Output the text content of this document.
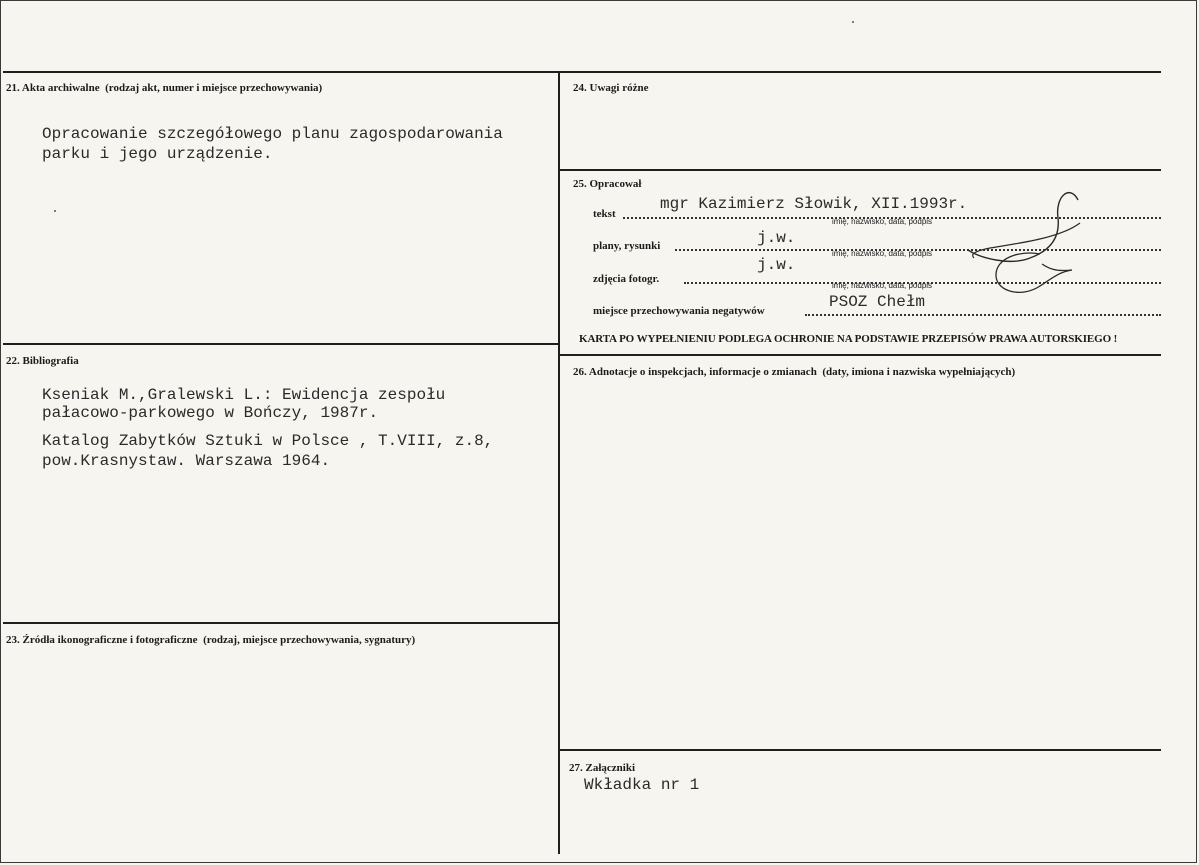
21. Akta archiwalne (rodzaj akt, numer i miejsce przechowywania)
Opracowanie szczegółowego planu zagospodarowania
parku i jego urządzenie.
22. Bibliografia
Kseniak M.,Gralewski L.: Ewidencja zespołu
pałacowo-parkowego w Bończy, 1987r.
Katalog Zabytków Sztuki w Polsce , T.VIII, z.8,
pow.Krasnystaw. Warszawa 1964.
23. Źródła ikonograficzne i fotograficzne (rodzaj, miejsce przechowywania, sygnatury)
24. Uwagi różne
25. Opracował
tekst
mgr Kazimierz Słowik, XII.1993r.
imię, nazwisko, data, podpis
plany, rysunki	j.w.
imię, nazwisko, data, podpis
zdjęcia fotogr.
j.w.
imię, nazwisko, data, podpis
miejsce przechowywania negatywów	PSOZ Chełm
KARTA PO WYPEŁNIENIU PODLEGA OCHRONIE NA PODSTAWIE PRZEPISÓW PRAWA AUTORSKIEGO !
26. Adnotacje o inspekcjach, informacje o zmianach (daty, imiona i nazwiska wypełniających)
27. Załączniki
Wkładka nr 1
